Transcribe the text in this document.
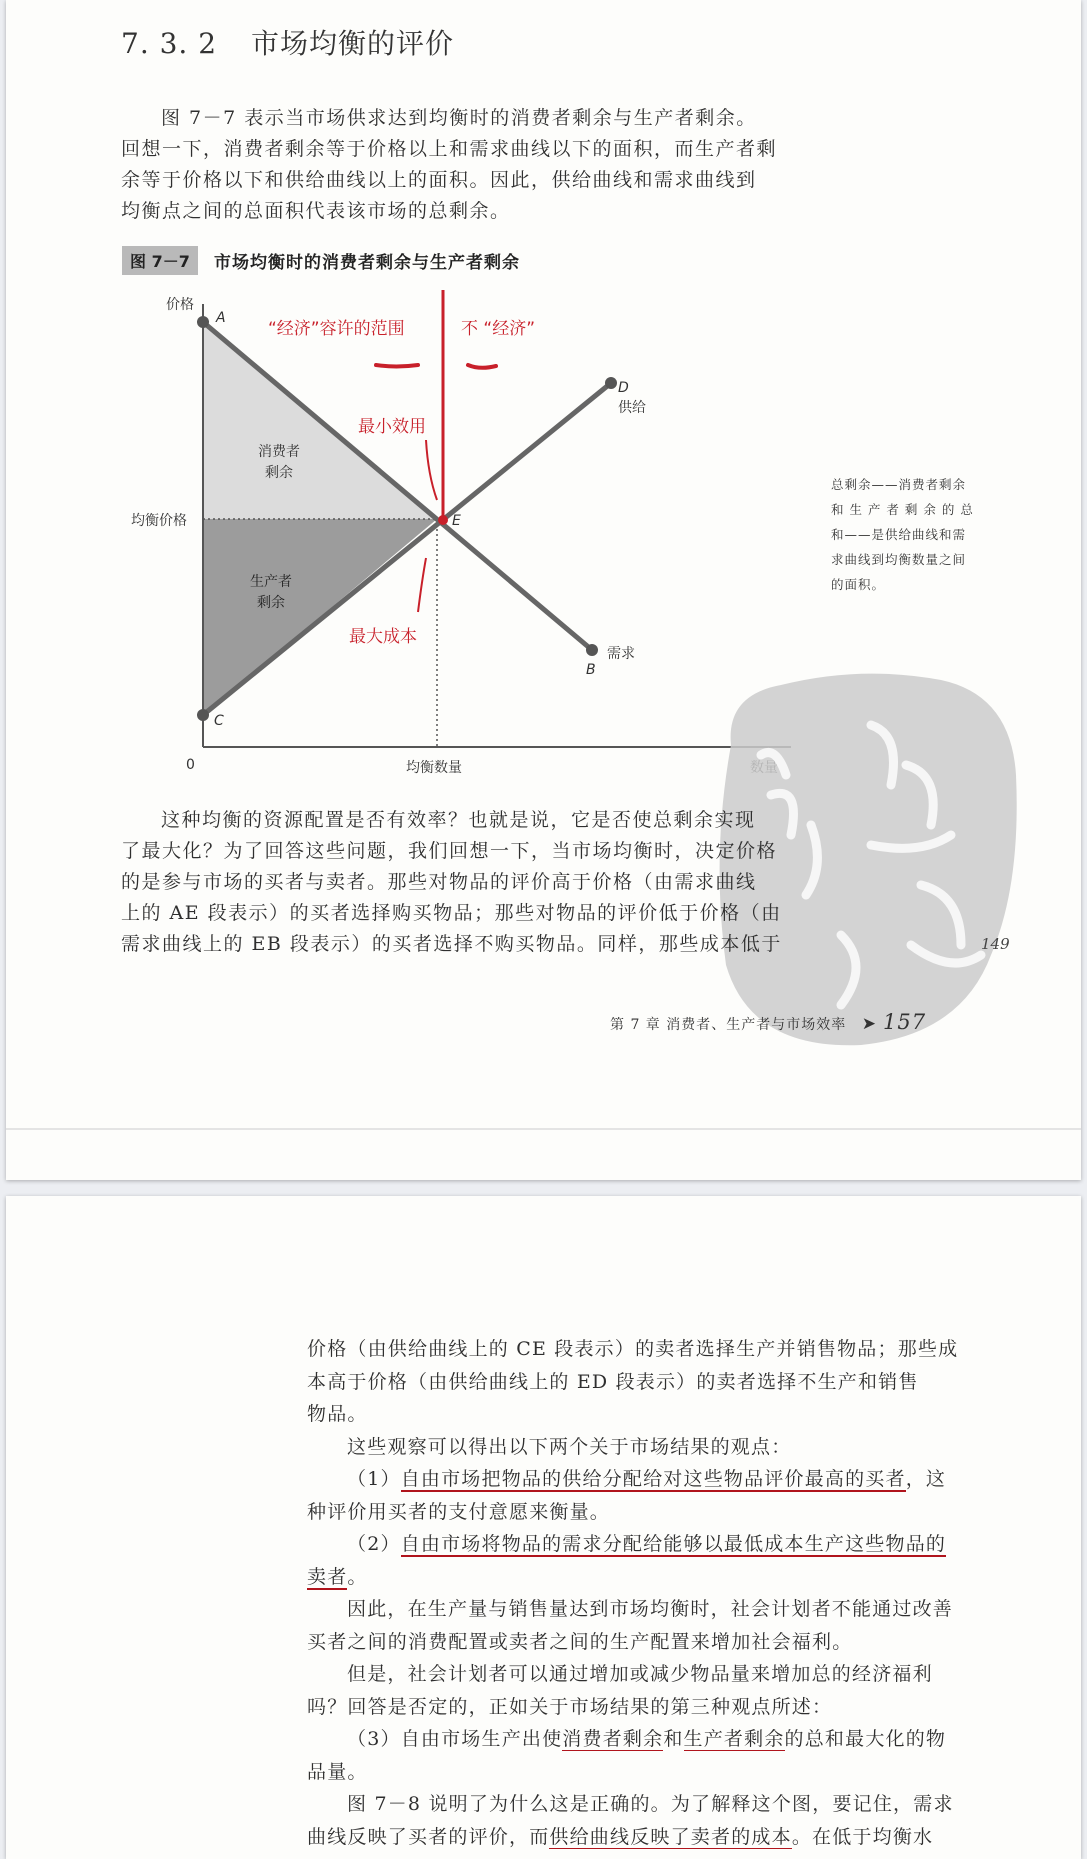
7. 3. 2 市场均衡的评价
图 7－7 表示当市场供求达到均衡时的消费者剩余与生产者剩余。
回想一下，消费者剩余等于价格以上和需求曲线以下的面积，而生产者剩
余等于价格以下和供给曲线以上的面积。因此，供给曲线和需求曲线到
均衡点之间的总面积代表该市场的总剩余。
图 7－7	市场均衡时的消费者剩余与生产者剩余
价格
A
均衡价格
C
0	均衡数量
D
供给
需求
B
E
消费者
剩余
生产者
剩余
“经济”容许的范围	不 “经济”
最小效用
最大成本
总剩余——消费者剩余
和 生 产 者 剩 余 的 总
和——是供给曲线和需
求曲线到均衡数量之间
的面积。
这种均衡的资源配置是否有效率？也就是说，它是否使总剩余实现
了最大化？为了回答这些问题，我们回想一下，当市场均衡时，决定价格
的是参与市场的买者与卖者。那些对物品的评价高于价格（由需求曲线
上的 AE 段表示）的买者选择购买物品；那些对物品的评价低于价格（由
需求曲线上的 EB 段表示）的买者选择不购买物品。同样，那些成本低于	149
第 7 章 消费者、生产者与市场效率 ➤ 157
价格（由供给曲线上的 CE 段表示）的卖者选择生产并销售物品；那些成
本高于价格（由供给曲线上的 ED 段表示）的卖者选择不生产和销售
物品。
这些观察可以得出以下两个关于市场结果的观点：
（1）自由市场把物品的供给分配给对这些物品评价最高的买者，这
种评价用买者的支付意愿来衡量。
（2）自由市场将物品的需求分配给能够以最低成本生产这些物品的
卖者。
因此，在生产量与销售量达到市场均衡时，社会计划者不能通过改善
买者之间的消费配置或卖者之间的生产配置来增加社会福利。
但是，社会计划者可以通过增加或减少物品量来增加总的经济福利
吗？回答是否定的，正如关于市场结果的第三种观点所述：
（3）自由市场生产出使消费者剩余和生产者剩余的总和最大化的物
品量。
图 7－8 说明了为什么这是正确的。为了解释这个图，要记住，需求
曲线反映了买者的评价，而供给曲线反映了卖者的成本。在低于均衡水
